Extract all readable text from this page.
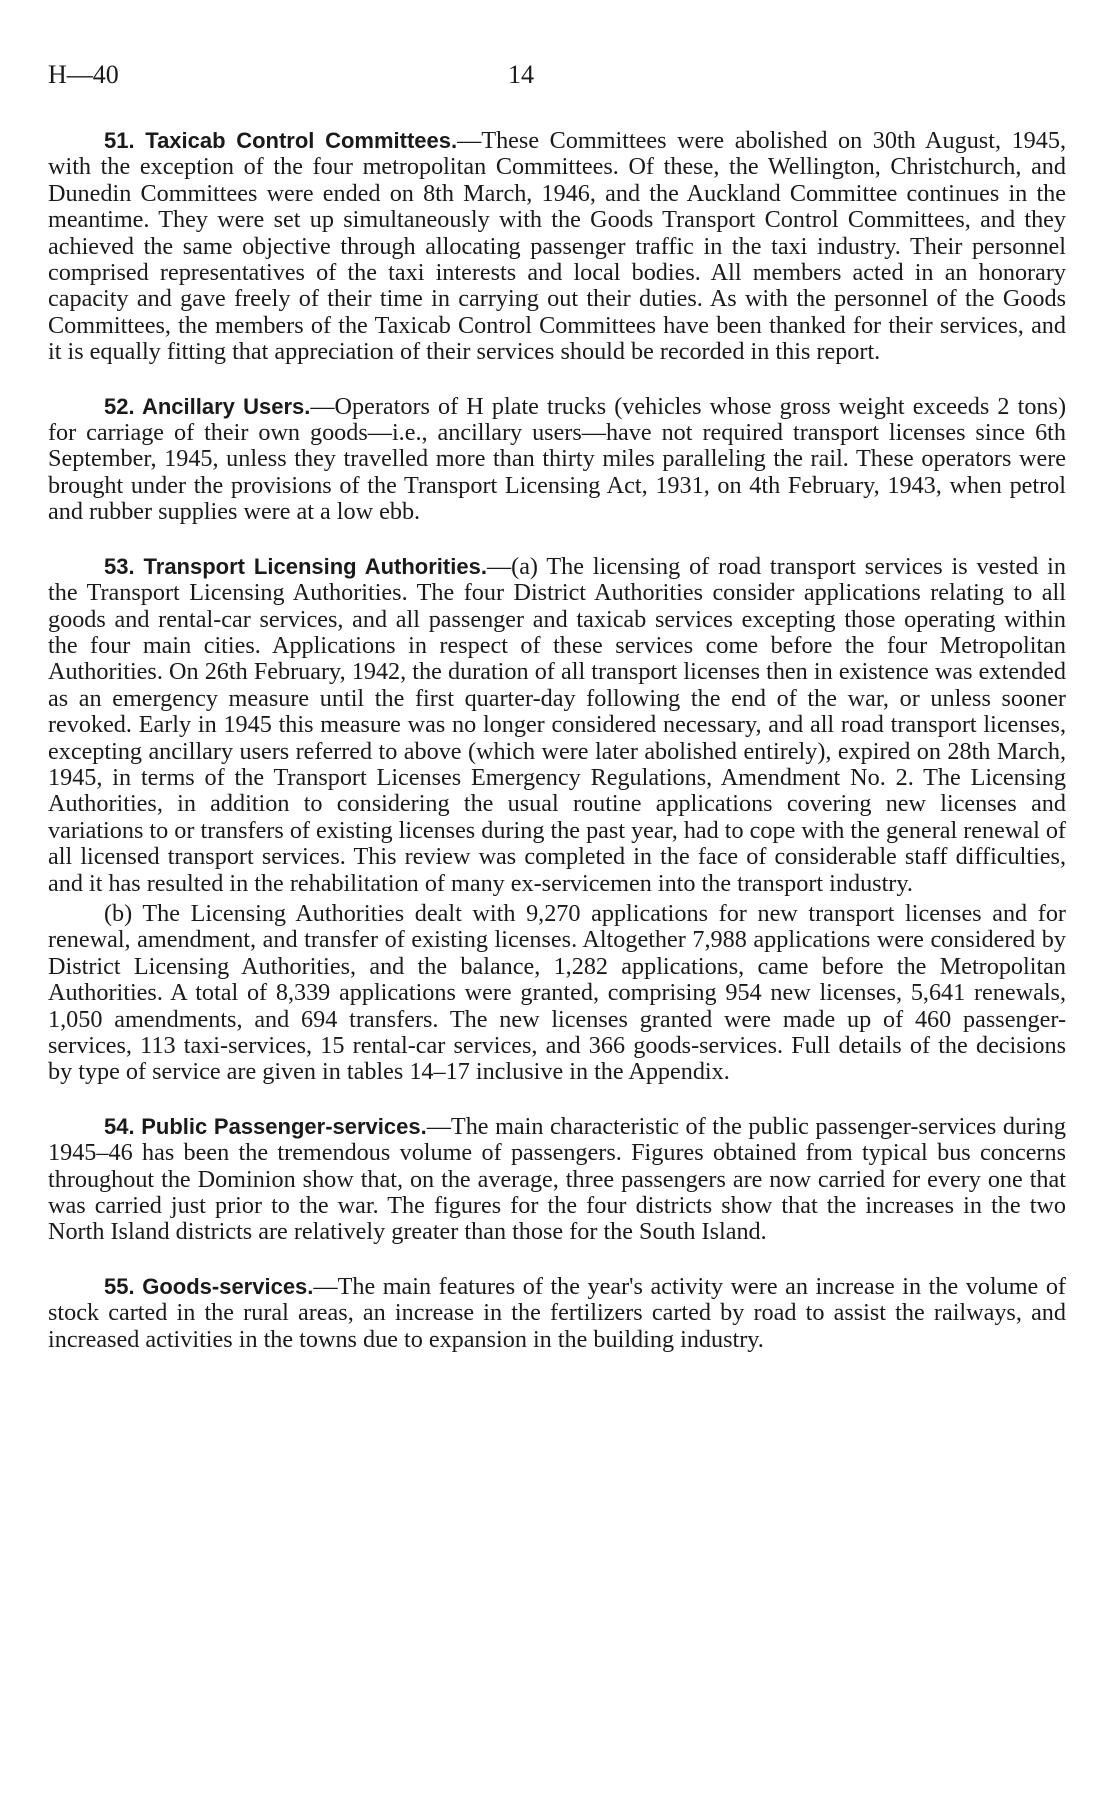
H—40	14

51. Taxicab Control Committees.—These Committees were abolished on 30th August, 1945, with the exception of the four metropolitan Committees. Of these, the Wellington, Christchurch, and Dunedin Committees were ended on 8th March, 1946, and the Auckland Committee continues in the meantime. They were set up simultaneously with the Goods Transport Control Committees, and they achieved the same objective through allocating passenger traffic in the taxi industry. Their personnel comprised representatives of the taxi interests and local bodies. All members acted in an honorary capacity and gave freely of their time in carrying out their duties. As with the personnel of the Goods Committees, the members of the Taxicab Control Committees have been thanked for their services, and it is equally fitting that appreciation of their services should be recorded in this report.

52. Ancillary Users.—Operators of H plate trucks (vehicles whose gross weight exceeds 2 tons) for carriage of their own goods—i.e., ancillary users—have not required transport licenses since 6th September, 1945, unless they travelled more than thirty miles paralleling the rail. These operators were brought under the provisions of the Transport Licensing Act, 1931, on 4th February, 1943, when petrol and rubber supplies were at a low ebb.

53. Transport Licensing Authorities.—(a) The licensing of road transport services is vested in the Transport Licensing Authorities. The four District Authorities consider applications relating to all goods and rental-car services, and all passenger and taxicab services excepting those operating within the four main cities. Applications in respect of these services come before the four Metropolitan Authorities. On 26th February, 1942, the duration of all transport licenses then in existence was extended as an emergency measure until the first quarter-day following the end of the war, or unless sooner revoked. Early in 1945 this measure was no longer considered necessary, and all road transport licenses, excepting ancillary users referred to above (which were later abolished entirely), expired on 28th March, 1945, in terms of the Transport Licenses Emergency Regulations, Amendment No. 2. The Licensing Authorities, in addition to considering the usual routine applications covering new licenses and variations to or transfers of existing licenses during the past year, had to cope with the general renewal of all licensed transport services. This review was completed in the face of considerable staff difficulties, and it has resulted in the rehabilitation of many ex-servicemen into the transport industry.

(b) The Licensing Authorities dealt with 9,270 applications for new transport licenses and for renewal, amendment, and transfer of existing licenses. Altogether 7,988 applications were considered by District Licensing Authorities, and the balance, 1,282 applications, came before the Metropolitan Authorities. A total of 8,339 applications were granted, comprising 954 new licenses, 5,641 renewals, 1,050 amendments, and 694 transfers. The new licenses granted were made up of 460 passenger-services, 113 taxi-services, 15 rental-car services, and 366 goods-services. Full details of the decisions by type of service are given in tables 14–17 inclusive in the Appendix.

54. Public Passenger-services.—The main characteristic of the public passenger-services during 1945–46 has been the tremendous volume of passengers. Figures obtained from typical bus concerns throughout the Dominion show that, on the average, three passengers are now carried for every one that was carried just prior to the war. The figures for the four districts show that the increases in the two North Island districts are relatively greater than those for the South Island.

55. Goods-services.—The main features of the year's activity were an increase in the volume of stock carted in the rural areas, an increase in the fertilizers carted by road to assist the railways, and increased activities in the towns due to expansion in the building industry.
